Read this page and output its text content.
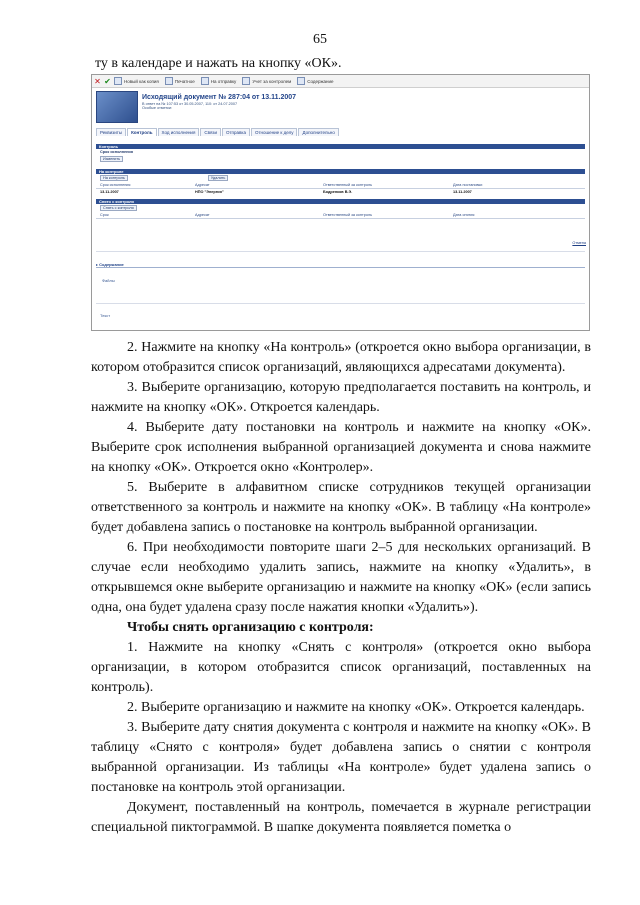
65
ту в календаре и нажать на кнопку «ОК».
✕ ✔	Новый как копия	Печатное	На отправку	Учет за контролем	Содержание
Исходящий документ № 287:04 от 13.11.2007
В ответ на № 107:53 от 30.05.2007, 110: от 24.07.2007
Особые отметки:
Реквизиты	Контроль	Ход исполнения	Связи	Отправка	Отношение к делу	Дополнительно
Контроль
Срок исполнения
Изменить
На контроле
На контроль	Удалить
Срок исполнения	Адресат	Ответственный за контроль	Дата постановки
13.11.2007	НПО "Энергия"	Бодренков В.Э.	13.11.2007
Снято с контроля
Снять с контроля
Срок	Адресат	Ответственный за контроль	Дата снятия
Отмена
▸ Содержание
Файлы
Текст

2. Нажмите на кнопку «На контроль» (откроется окно выбора организации, в котором отобразится список организаций, являющихся адресатами документа).

3. Выберите организацию, которую предполагается поставить на контроль, и нажмите на кнопку «ОК». Откроется календарь.

4. Выберите дату постановки на контроль и нажмите на кнопку «ОК». Выберите срок исполнения выбранной организацией документа и снова нажмите на кнопку «ОК». Откроется окно «Контролер».

5. Выберите в алфавитном списке сотрудников текущей организации ответственного за контроль и нажмите на кнопку «ОК». В таблицу «На контроле» будет добавлена запись о постановке на контроль выбранной организации.

6. При необходимости повторите шаги 2–5 для нескольких организаций. В случае если необходимо удалить запись, нажмите на кнопку «Удалить», в открывшемся окне выберите организацию и нажмите на кнопку «ОК» (если запись одна, она будет удалена сразу после нажатия кнопки «Удалить»).

Чтобы снять организацию с контроля:

1. Нажмите на кнопку «Снять с контроля» (откроется окно выбора организации, в котором отобразится список организаций, поставленных на контроль).

2. Выберите организацию и нажмите на кнопку «ОК». Откроется календарь.

3. Выберите дату снятия документа с контроля и нажмите на кнопку «ОК». В таблицу «Снято с контроля» будет добавлена запись о снятии с контроля выбранной организации. Из таблицы «На контроле» будет удалена запись о постановке на контроль этой организации.

Документ, поставленный на контроль, помечается в журнале регистрации специальной пиктограммой. В шапке документа появляется пометка о
